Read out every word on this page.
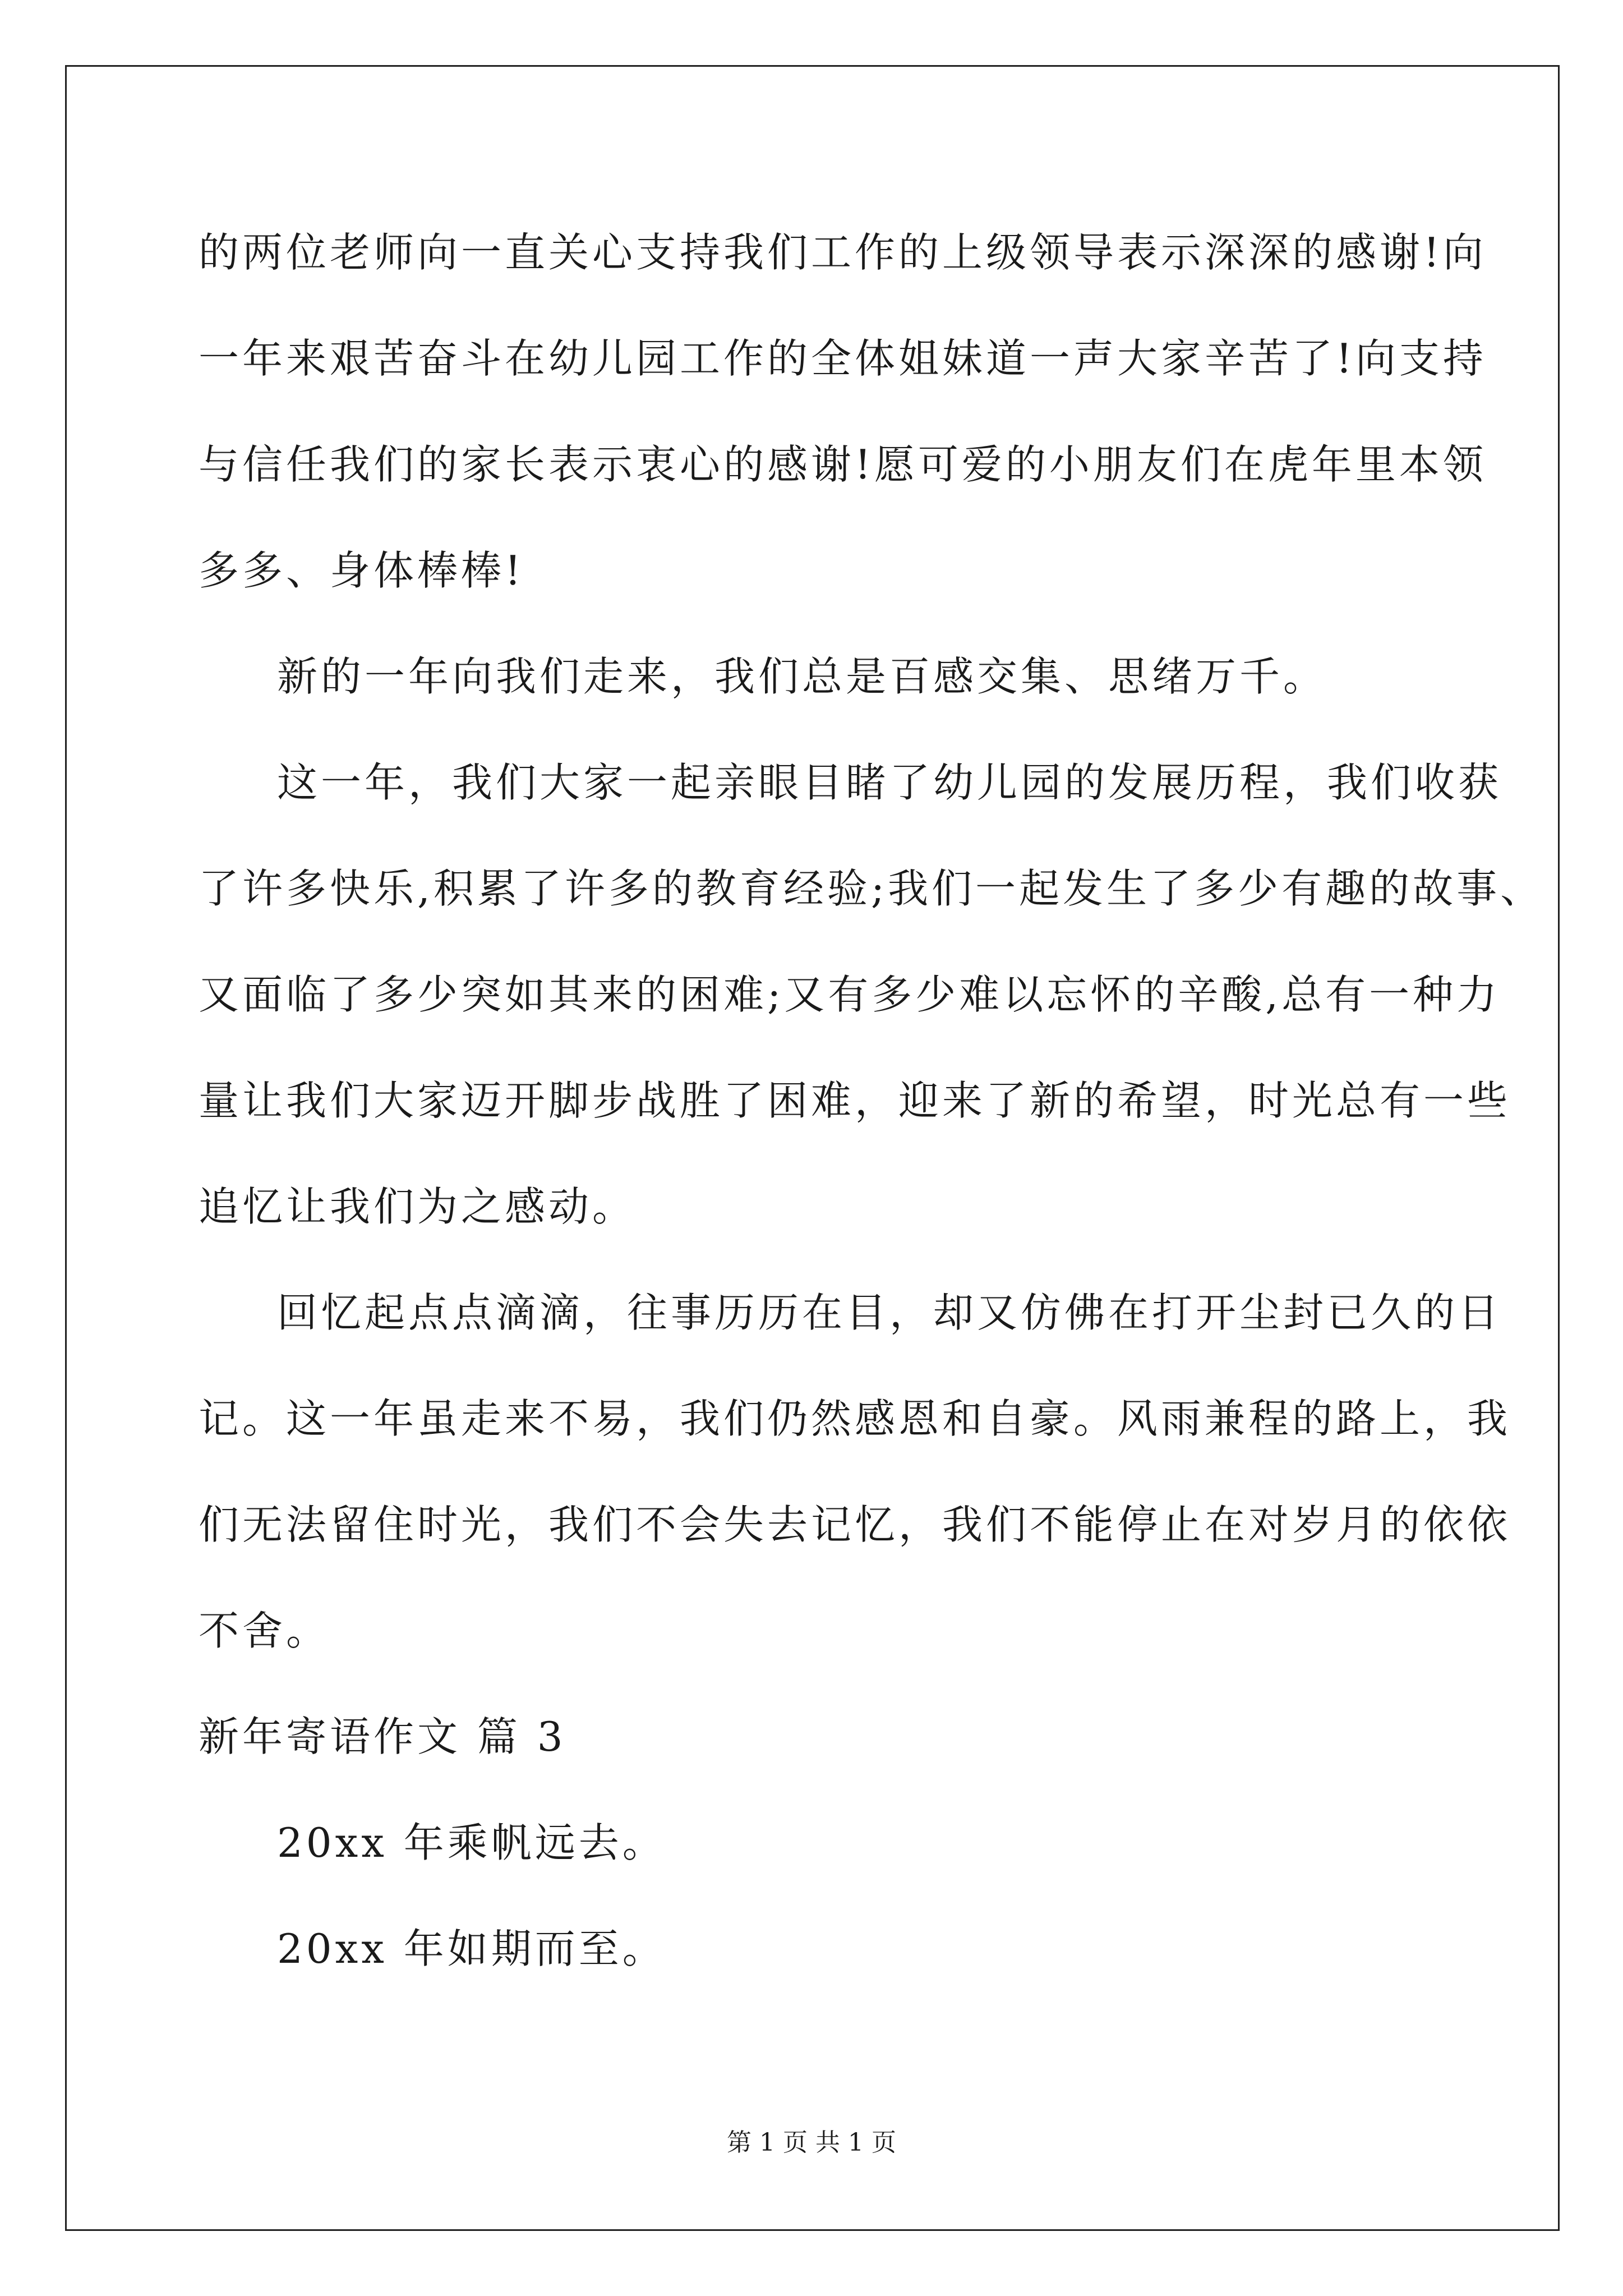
的两位老师向一直关心支持我们工作的上级领导表示深深的感谢!向
一年来艰苦奋斗在幼儿园工作的全体姐妹道一声大家辛苦了!向支持
与信任我们的家长表示衷心的感谢!愿可爱的小朋友们在虎年里本领
多多、身体棒棒!
新的一年向我们走来，我们总是百感交集、思绪万千。
这一年，我们大家一起亲眼目睹了幼儿园的发展历程，我们收获
了许多快乐,积累了许多的教育经验;我们一起发生了多少有趣的故事、
又面临了多少突如其来的困难;又有多少难以忘怀的辛酸,总有一种力
量让我们大家迈开脚步战胜了困难，迎来了新的希望，时光总有一些
追忆让我们为之感动。
回忆起点点滴滴，往事历历在目，却又仿佛在打开尘封已久的日
记。这一年虽走来不易，我们仍然感恩和自豪。风雨兼程的路上，我
们无法留住时光，我们不会失去记忆，我们不能停止在对岁月的依依
不舍。
新年寄语作文 篇 3
20xx 年乘帆远去。
20xx 年如期而至。
第 1 页 共 1 页
